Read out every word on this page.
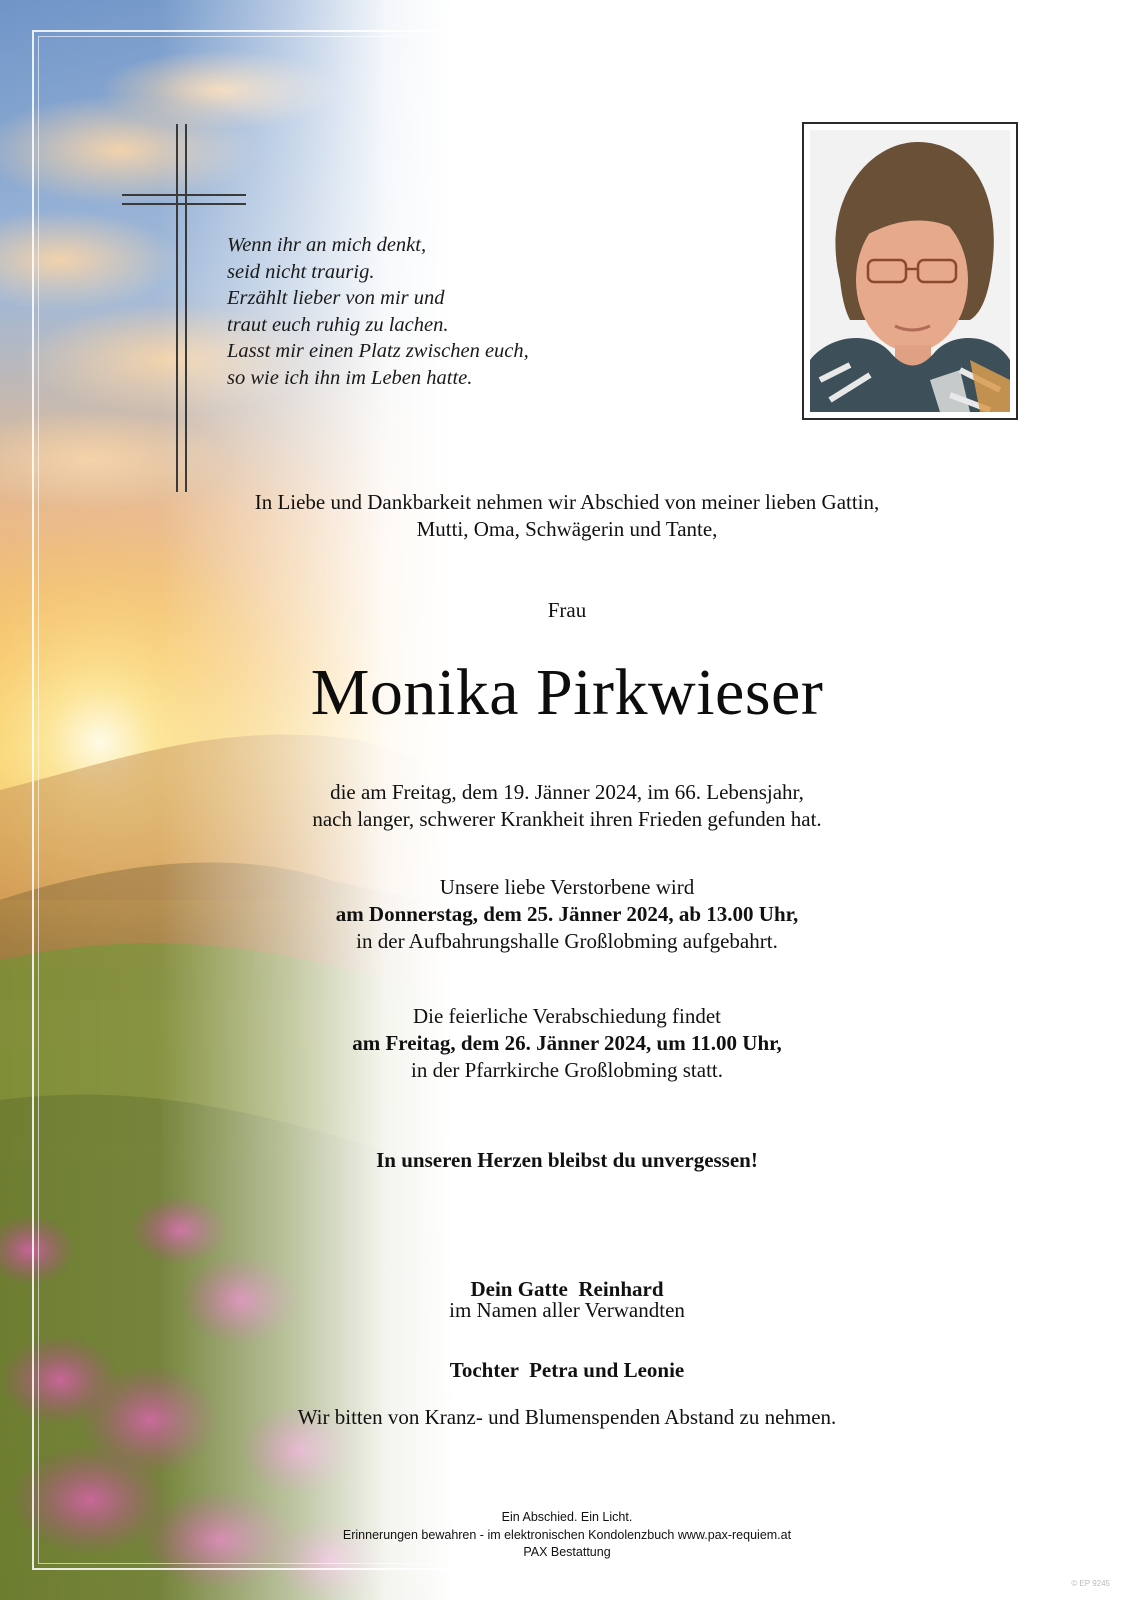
Wenn ihr an mich denkt,
seid nicht traurig.
Erzählt lieber von mir und
traut euch ruhig zu lachen.
Lasst mir einen Platz zwischen euch,
so wie ich ihn im Leben hatte.
In Liebe und Dankbarkeit nehmen wir Abschied von meiner lieben Gattin,
Mutti, Oma, Schwägerin und Tante,
Frau
Monika Pirkwieser
die am Freitag, dem 19. Jänner 2024, im 66. Lebensjahr,
nach langer, schwerer Krankheit ihren Frieden gefunden hat.
Unsere liebe Verstorbene wird
am Donnerstag, dem 25. Jänner 2024, ab 13.00 Uhr,
in der Aufbahrungshalle Großlobming aufgebahrt.
Die feierliche Verabschiedung findet
am Freitag, dem 26. Jänner 2024, um 11.00 Uhr,
in der Pfarrkirche Großlobming statt.
In unseren Herzen bleibst du unvergessen!

Dein Gatte  Reinhard

Tochter  Petra und Leonie

im Namen aller Verwandten
Wir bitten von Kranz- und Blumenspenden Abstand zu nehmen.
Ein Abschied. Ein Licht.
Erinnerungen bewahren - im elektronischen Kondolenzbuch www.pax-requiem.at
PAX Bestattung
© EP 9245
